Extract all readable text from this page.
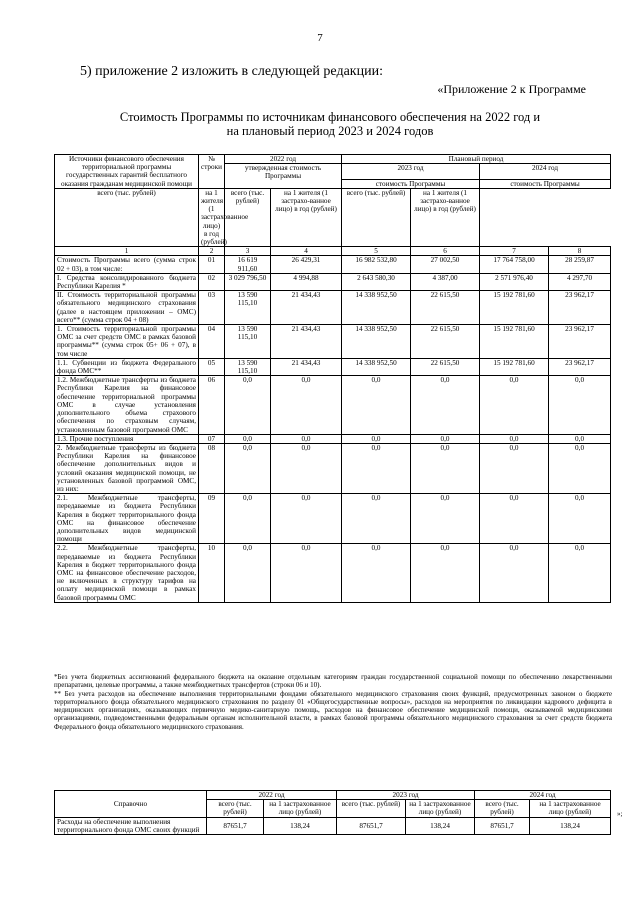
7
5) приложение 2 изложить в следующей редакции:
«Приложение 2 к Программе
Стоимость Программы по источникам финансового обеспечения на 2022 год и
на плановый период 2023 и 2024 годов
Источники финансового обеспечения территориальной программы государственных гарантий бесплатного оказания гражданам медицинской помощи	№ строки	2022 год		Плановый период			
		утвержденная стоимость Программы		2023 год		2024 год	
				стоимость Программы		стоимость Программы	
всего (тыс. рублей)	на 1 жителя (1 застрахованное лицо) в год (рублей)	всего (тыс. рублей)	на 1 жителя (1 застрахо-ванное лицо) в год (рублей)	всего (тыс. рублей)	на 1 жителя (1 застрахо-ванное лицо) в год (рублей)		
1	2	3	4	5	6	7	8
Стоимость Программы всего (сумма строк 02 + 03), в том числе:	01	16 619 911,60	26 429,31	16 982 532,80	27 002,50	17 764 758,00	28 259,87
I. Средства консолидированного бюджета Республики Карелия *	02	3 029 796,50	4 994,88	2 643 580,30	4 387,00	2 571 976,40	4 297,70
II. Стоимость территориальной программы обязательного медицинского страхования (далее в настоящем приложении – ОМС) всего** (сумма строк 04 + 08)	03	13 590 115,10	21 434,43	14 338 952,50	22 615,50	15 192 781,60	23 962,17
1. Стоимость территориальной программы ОМС за счет средств ОМС в рамках базовой программы** (сумма строк 05+ 06 + 07), в том числе	04	13 590 115,10	21 434,43	14 338 952,50	22 615,50	15 192 781,60	23 962,17
1.1. Субвенции из бюджета Федерального фонда ОМС**	05	13 590 115,10	21 434,43	14 338 952,50	22 615,50	15 192 781,60	23 962,17
1.2. Межбюджетные трансферты из бюджета Республики Карелия на финансовое обеспечение территориальной программы ОМС в случае установления дополнительного объема страхового обеспечения по страховым случаям, установленным базовой программой ОМС	06	0,0	0,0	0,0	0,0	0,0	0,0
1.3. Прочие поступления	07	0,0	0,0	0,0	0,0	0,0	0,0
2. Межбюджетные трансферты из бюджета Республики Карелия на финансовое обеспечение дополнительных видов и условий оказания медицинской помощи, не установленных базовой программой ОМС, из них:	08	0,0	0,0	0,0	0,0	0,0	0,0
2.1. Межбюджетные трансферты, передаваемые из бюджета Республики Карелия в бюджет территориального фонда ОМС на финансовое обеспечение дополнительных видов медицинской помощи	09	0,0	0,0	0,0	0,0	0,0	0,0
2.2. Межбюджетные трансферты, передаваемые из бюджета Республики Карелия в бюджет территориального фонда ОМС на финансовое обеспечение расходов, не включенных в структуру тарифов на оплату медицинской помощи в рамках базовой программы ОМС	10	0,0	0,0	0,0	0,0	0,0	0,0

*Без учета бюджетных ассигнований федерального бюджета на оказание отдельным категориям граждан государственной социальной помощи по обеспечению лекарственными препаратами, целевые программы, а также межбюджетных трансфертов (строки 06 и 10).

** Без учета расходов на обеспечение выполнения территориальными фондами обязательного медицинского страхования своих функций, предусмотренных законом о бюджете территориального фонда обязательного медицинского страхования по разделу 01 «Общегосударственные вопросы», расходов на мероприятия по ликвидации кадрового дефицита в медицинских организациях, оказывающих первичную медико-санитарную помощь, расходов на финансовое обеспечение медицинской помощи, оказываемой медицинскими организациями, подведомственными федеральным органам исполнительной власти, в рамках базовой программы обязательного медицинского страхования за счет средств бюджета Федерального фонда обязательного медицинского страхования.

Справочно	2022 год		2023 год		2024 год	
	всего (тыс. рублей)	на 1 застрахованное лицо (рублей)	всего (тыс. рублей)	на 1 застрахованное лицо (рублей)	всего (тыс. рублей)	на 1 застрахованное лицо (рублей)
Расходы на обеспечение выполнения территориального фонда ОМС своих функций	87651,7	138,24	87651,7	138,24	87651,7	138,24
»;
